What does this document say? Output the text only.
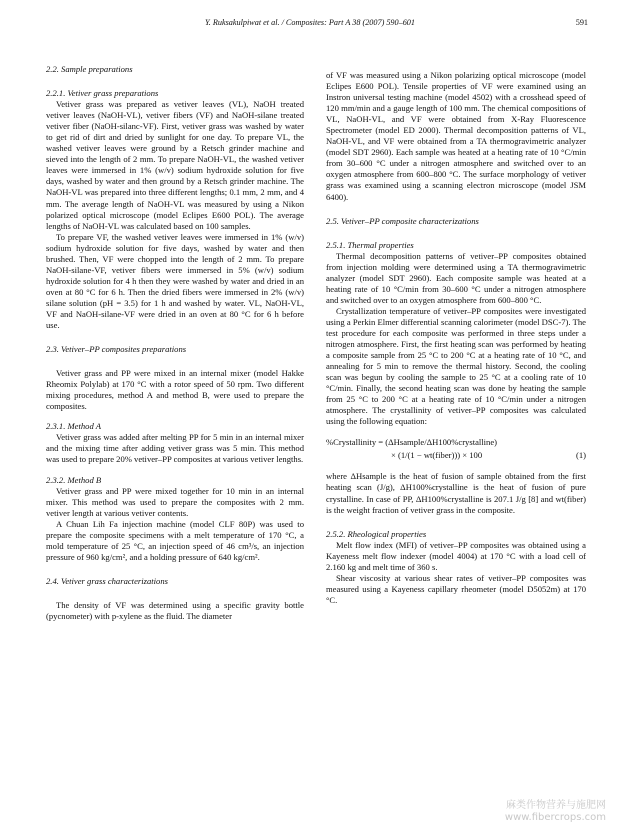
Y. Ruksakulpiwat et al. / Composites: Part A 38 (2007) 590–601	591

2.2. Sample preparations

2.2.1. Vetiver grass preparations

Vetiver grass was prepared as vetiver leaves (VL), NaOH treated vetiver leaves (NaOH-VL), vetiver fibers (VF) and NaOH-silane treated vetiver fiber (NaOH-silanc-VF). First, vetiver grass was washed by water to get rid of dirt and dried by sunlight for one day. To prepare VL, the washed vetiver leaves were ground by a Retsch grinder machine and sieved into the length of 2 mm. To prepare NaOH-VL, the washed vetiver leaves were immersed in 1% (w/v) sodium hydroxide solution for five days, washed by water and then ground by a Retsch grinder machine. The NaOH-VL was prepared into three different lengths; 0.1 mm, 2 mm, and 4 mm. The average length of NaOH-VL was measured by using a Nikon polarized optical microscope (model Eclipes E600 POL). The average lengths of NaOH-VL was calculated based on 100 samples.

To prepare VF, the washed vetiver leaves were immersed in 1% (w/v) sodium hydroxide solution for five days, washed by water and then brushed. Then, VF were chopped into the length of 2 mm. To prepare NaOH-silane-VF, vetiver fibers were immersed in 5% (w/v) sodium hydroxide solution for 4 h then they were washed by water and dried in an oven at 80 °C for 6 h. Then the dried fibers were immersed in 2% (w/v) silane solution (pH = 3.5) for 1 h and washed by water. VL, NaOH-VL, VF and NaOH-silane-VF were dried in an oven at 80 °C for 6 h before use.

2.3. Vetiver–PP composites preparations

Vetiver grass and PP were mixed in an internal mixer (model Hakke Rheomix Polylab) at 170 °C with a rotor speed of 50 rpm. Two different mixing procedures, method A and method B, were used to prepare the composites.

2.3.1. Method A

Vetiver grass was added after melting PP for 5 min in an internal mixer and the mixing time after adding vetiver grass was 5 min. This method was used to prepare 20% vetiver–PP composites at various vetiver lengths.

2.3.2. Method B

Vetiver grass and PP were mixed together for 10 min in an internal mixer. This method was used to prepare the composites with 2 mm. vetiver length at various vetiver contents.

A Chuan Lih Fa injection machine (model CLF 80P) was used to prepare the composite specimens with a melt temperature of 170 °C, a mold temperature of 25 °C, an injection speed of 46 cm³/s, an injection pressure of 960 kg/cm², and a holding pressure of 640 kg/cm².

2.4. Vetiver grass characterizations

The density of VF was determined using a specific gravity bottle (pycnometer) with p-xylene as the fluid. The diameter

of VF was measured using a Nikon polarizing optical microscope (model Eclipes E600 POL). Tensile properties of VF were examined using an Instron universal testing machine (model 4502) with a crosshead speed of 120 mm/min and a gauge length of 100 mm. The chemical compositions of VL, NaOH-VL, and VF were obtained from X-Ray Fluorescence Spectrometer (model ED 2000). Thermal decomposition patterns of VL, NaOH-VL, and VF were obtained from a TA thermogravimetric analyzer (model SDT 2960). Each sample was heated at a heating rate of 10 °C/min from 30–600 °C under a nitrogen atmosphere and switched over to an oxygen atmosphere from 600–800 °C. The surface morphology of vetiver grass was examined using a scanning electron microscope (model JSM 6400).

2.5. Vetiver–PP composite characterizations

2.5.1. Thermal properties

Thermal decomposition patterns of vetiver–PP composites obtained from injection molding were determined using a TA thermogravimetric analyzer (model SDT 2960). Each composite sample was heated at a heating rate of 10 °C/min from 30–600 °C under a nitrogen atmosphere and switched over to an oxygen atmosphere from 600–800 °C.

Crystallization temperature of vetiver–PP composites were investigated using a Perkin Elmer differential scanning calorimeter (model DSC-7). The test procedure for each composite was performed in three steps under a nitrogen atmosphere. First, the first heating scan was performed by heating a composite sample from 25 °C to 200 °C at a heating rate of 10 °C, and annealing for 5 min to remove the thermal history. Second, the cooling scan was begun by cooling the sample to 25 °C at a cooling rate of 10 °C/min. Finally, the second heating scan was done by heating the sample from 25 °C to 200 °C at a heating rate of 10 °C/min under a nitrogen atmosphere. The crystallinity of vetiver–PP composites was calculated using the following equation:

%Crystallinity = (ΔHsample/ΔH100%crystalline)
× (1/(1 − wt(fiber))) × 100	(1)

where ΔHsample is the heat of fusion of sample obtained from the first heating scan (J/g), ΔH100%crystalline is the heat of fusion of pure crystalline. In case of PP, ΔH100%crystalline is 207.1 J/g [8] and wt(fiber) is the weight fraction of vetiver grass in the composite.

2.5.2. Rheological properties

Melt flow index (MFI) of vetiver–PP composites was obtained using a Kayeness melt flow indexer (model 4004) at 170 °C with a load cell of 2.160 kg and melt time of 360 s.

Shear viscosity at various shear rates of vetiver–PP composites was measured using a Kayeness capillary rheometer (model D5052m) at 170 °C.

麻类作物营养与施肥网
www.fibercrops.com
